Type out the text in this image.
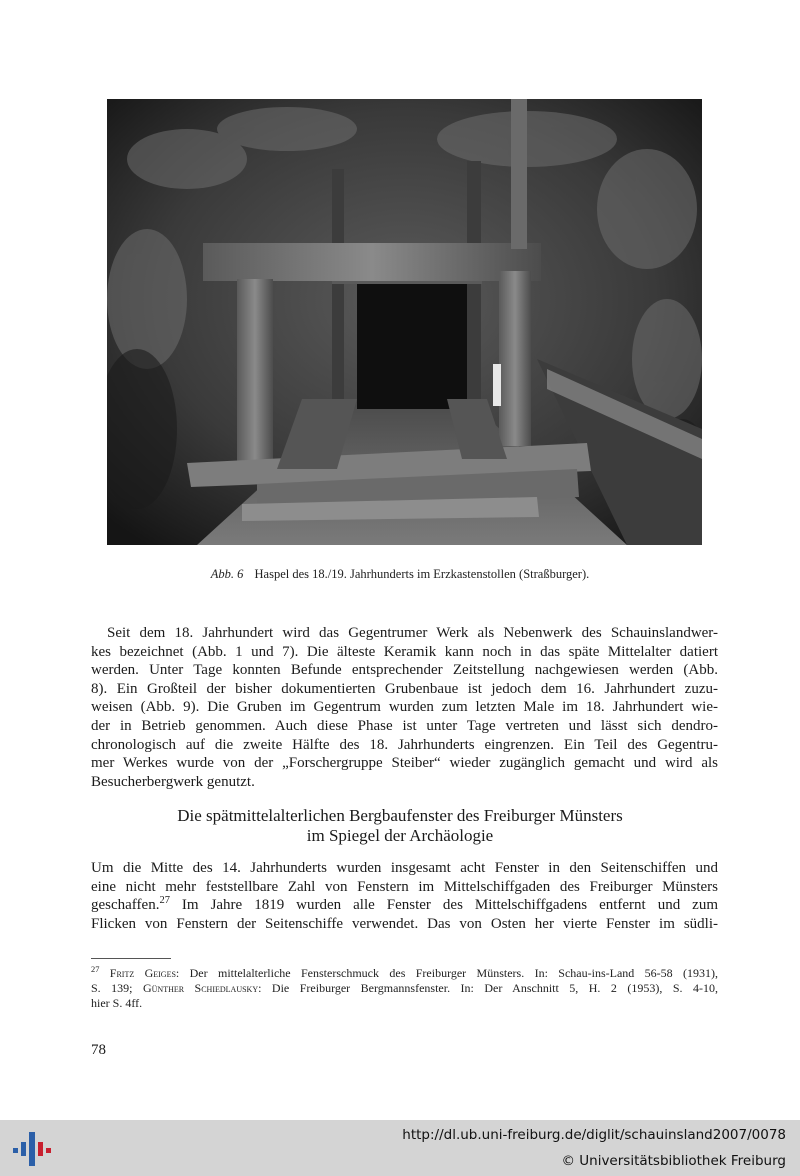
Abb. 6 Haspel des 18./19. Jahrhunderts im Erzkastenstollen (Straßburger).
Seit dem 18. Jahrhundert wird das Gegentrumer Werk als Nebenwerk des Schauinslandwer-
kes bezeichnet (Abb. 1 und 7). Die älteste Keramik kann noch in das späte Mittelalter datiert
werden. Unter Tage konnten Befunde entsprechender Zeitstellung nachgewiesen werden (Abb.
8). Ein Großteil der bisher dokumentierten Grubenbaue ist jedoch dem 16. Jahrhundert zuzu-
weisen (Abb. 9). Die Gruben im Gegentrum wurden zum letzten Male im 18. Jahrhundert wie-
der in Betrieb genommen. Auch diese Phase ist unter Tage vertreten und lässt sich dendro-
chronologisch auf die zweite Hälfte des 18. Jahrhunderts eingrenzen. Ein Teil des Gegentru-
mer Werkes wurde von der „Forschergruppe Steiber“ wieder zugänglich gemacht und wird als
Besucherbergwerk genutzt.
Die spätmittelalterlichen Bergbaufenster des Freiburger Münsters
im Spiegel der Archäologie
Um die Mitte des 14. Jahrhunderts wurden insgesamt acht Fenster in den Seitenschiffen und
eine nicht mehr feststellbare Zahl von Fenstern im Mittelschiffgaden des Freiburger Münsters
geschaffen.$^{27}$ Im Jahre 1819 wurden alle Fenster des Mittelschiffgadens entfernt und zum
Flicken von Fenstern der Seitenschiffe verwendet. Das von Osten her vierte Fenster im südli-
$^{27}$ Fritz Geiges: Der mittelalterliche Fensterschmuck des Freiburger Münsters. In: Schau-ins-Land 56-58 (1931),
S. 139; Günther Schiedlausky: Die Freiburger Bergmannsfenster. In: Der Anschnitt 5, H. 2 (1953), S. 4-10,
hier S. 4ff.
78
http://dl.ub.uni-freiburg.de/diglit/schauinsland2007/0078
© Universitätsbibliothek Freiburg
